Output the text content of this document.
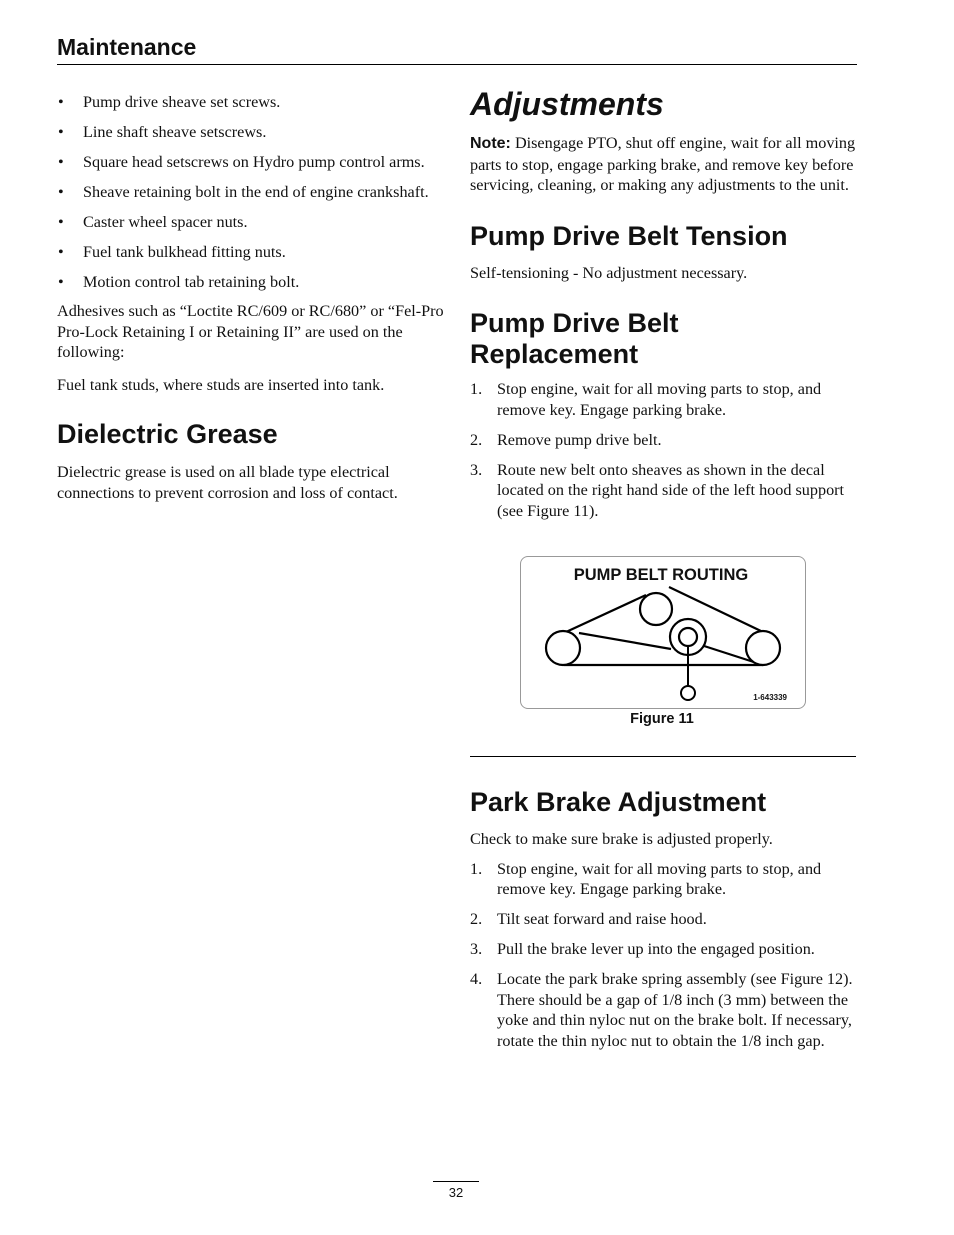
Maintenance
• Pump drive sheave set screws.
• Line shaft sheave setscrews.
• Square head setscrews on Hydro pump control arms.
• Sheave retaining bolt in the end of engine crankshaft.
• Caster wheel spacer nuts.
• Fuel tank bulkhead fitting nuts.
• Motion control tab retaining bolt.

Adhesives such as “Loctite RC/609 or RC/680” or “Fel-Pro Pro-Lock Retaining I or Retaining II” are used on the following:

Fuel tank studs, where studs are inserted into tank.

Dielectric Grease

Dielectric grease is used on all blade type electrical connections to prevent corrosion and loss of contact.

Adjustments

Note: Disengage PTO, shut off engine, wait for all moving parts to stop, engage parking brake, and remove key before servicing, cleaning, or making any adjustments to the unit.

Pump Drive Belt Tension

Self-tensioning - No adjustment necessary.

Pump Drive Belt Replacement
1. Stop engine, wait for all moving parts to stop, and remove key. Engage parking brake.
2. Remove pump drive belt.
3. Route new belt onto sheaves as shown in the decal located on the right hand side of the left hood support (see Figure 11).
PUMP BELT ROUTING
1-643339
Figure 11
Park Brake Adjustment

Check to make sure brake is adjusted properly.

1. Stop engine, wait for all moving parts to stop, and remove key. Engage parking brake.
2. Tilt seat forward and raise hood.
3. Pull the brake lever up into the engaged position.
4. Locate the park brake spring assembly (see Figure 12). There should be a gap of 1/8 inch (3 mm) between the yoke and thin nyloc nut on the brake bolt. If necessary, rotate the thin nyloc nut to obtain the 1/8 inch gap.
32
